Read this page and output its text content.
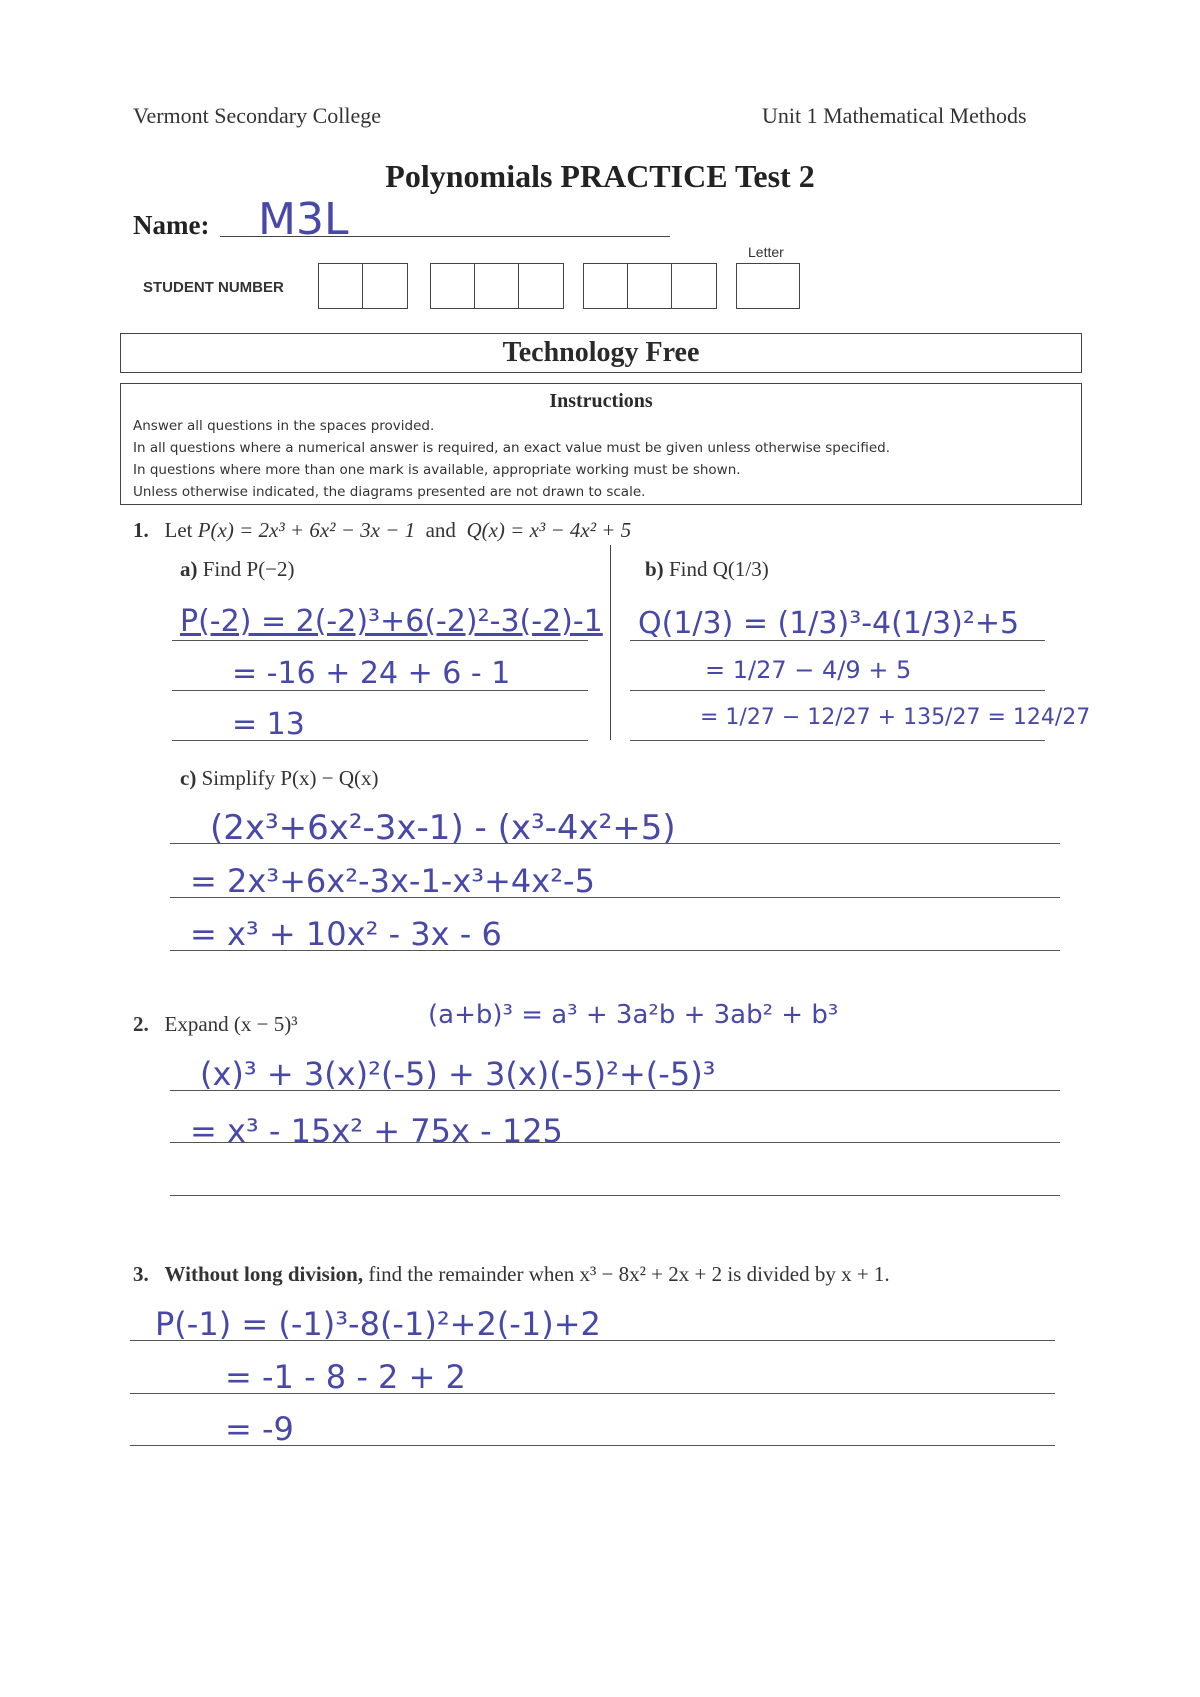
Vermont Secondary College	Unit 1 Mathematical Methods
Polynomials PRACTICE Test 2
Name: M3L
Letter
STUDENT NUMBER
Technology Free
Instructions
Answer all questions in the spaces provided.
In all questions where a numerical answer is required, an exact value must be given unless otherwise specified.
In questions where more than one mark is available, appropriate working must be shown.
Unless otherwise indicated, the diagrams presented are not drawn to scale.
1. Let P(x) = 2x³ + 6x² − 3x − 1 and Q(x) = x³ − 4x² + 5
a) Find P(−2)
P(-2) = 2(-2)³+6(-2)²-3(-2)-1
= -16 + 24 + 6 - 1
= 13
b) Find Q(1/3)
Q(1/3) = (1/3)³-4(1/3)²+5
= 1/27 − 4/9 + 5
= 1/27 − 12/27 + 135/27 = 124/27
c) Simplify P(x) − Q(x)
(2x³+6x²-3x-1) - (x³-4x²+5)
= 2x³+6x²-3x-1-x³+4x²-5
= x³ + 10x² - 3x - 6
2. Expand (x − 5)³	(a+b)³ = a³ + 3a²b + 3ab² + b³
(x)³ + 3(x)²(-5) + 3(x)(-5)²+(-5)³
= x³ - 15x² + 75x - 125
3. Without long division, find the remainder when x³ − 8x² + 2x + 2 is divided by x + 1.
P(-1) = (-1)³-8(-1)²+2(-1)+2
= -1 - 8 - 2 + 2
= -9
